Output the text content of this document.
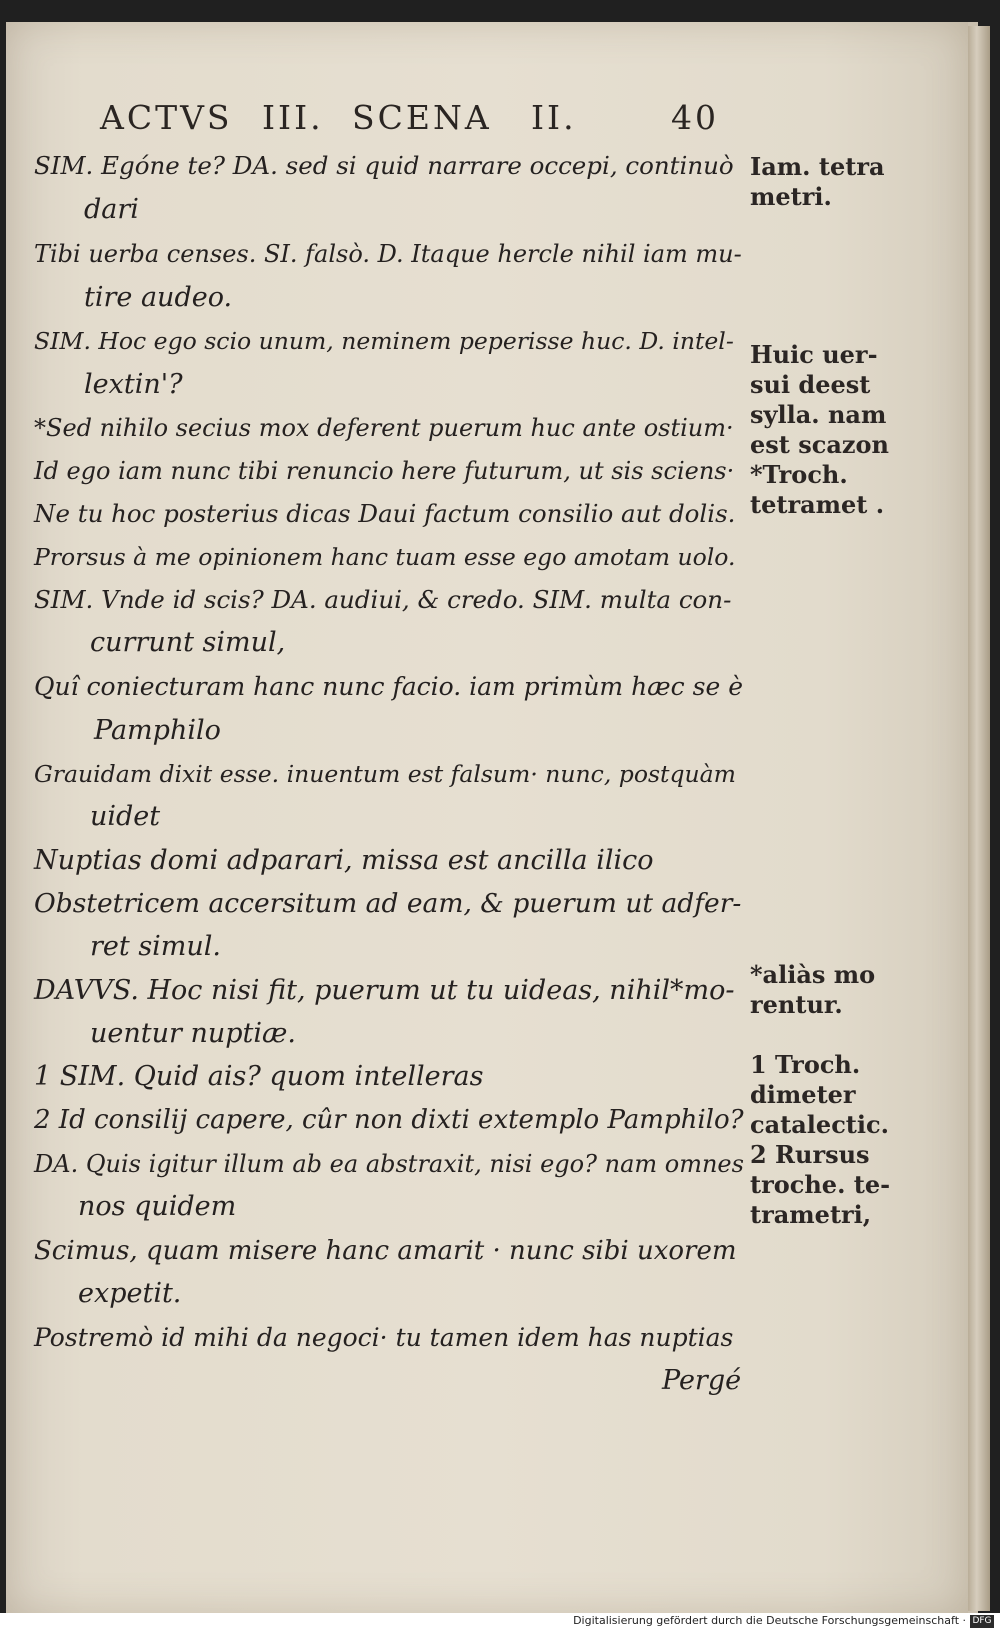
ACTVS III. SCENA II.	40
SIM. Egóne te? DA. sed si quid narrare occepi, continuò
dari
Tibi uerba censes. SI. falsò. D. Itaque hercle nihil iam mu-
tire audeo.
SIM. Hoc ego scio unum, neminem peperisse huc. D. intel-
lextin'?
*Sed nihilo secius mox deferent puerum huc ante ostium·
Id ego iam nunc tibi renuncio here futurum, ut sis sciens·
Ne tu hoc posterius dicas Daui factum consilio aut dolis.
Prorsus à me opinionem hanc tuam esse ego amotam uolo.
SIM. Vnde id scis? DA. audiui, & credo. SIM. multa con-
currunt simul,
Quî coniecturam hanc nunc facio. iam primùm hæc se è
Pamphilo
Grauidam dixit esse. inuentum est falsum· nunc, postquàm
uidet
Nuptias domi adparari, missa est ancilla ilico
Obstetricem accersitum ad eam, & puerum ut adfer-
ret simul.
DAVVS. Hoc nisi fit, puerum ut tu uideas, nihil*mo-
uentur nuptiæ.
1 SIM. Quid ais? quom intelleras
2 Id consilij capere, cûr non dixti extemplo Pamphilo?
DA. Quis igitur illum ab ea abstraxit, nisi ego? nam omnes
nos quidem
Scimus, quam misere hanc amarit · nunc sibi uxorem
expetit.
Postremò id mihi da negoci· tu tamen idem has nuptias
Pergé
Iam. tetra
metri.
Huic uer-
sui deest
sylla. nam
est scazon
*Troch.
tetramet .
*aliàs mo
rentur.
1 Troch.
dimeter
catalectic.
2 Rursus
troche. te-
trametri,
Digitalisierung gefördert durch die Deutsche Forschungsgemeinschaft · DFG
